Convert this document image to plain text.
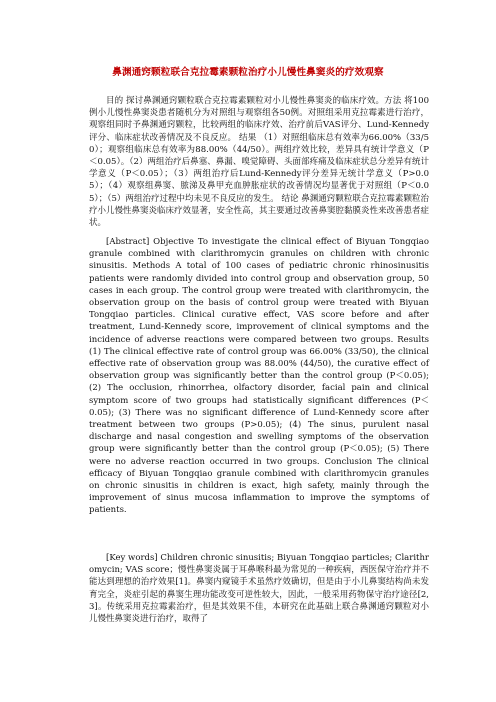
鼻渊通窍颗粒联合克拉霉素颗粒治疗小儿慢性鼻窦炎的疗效观察

目的 探讨鼻渊通窍颗粒联合克拉霉素颗粒对小儿慢性鼻窦炎的临床疗效。方法 将100例小儿慢性鼻窦炎患者随机分为对照组与观察组各50例。对照组采用克拉霉素进行治疗，观察组同时予鼻渊通窍颗粒，比较两组的临床疗效、治疗前后VAS评分、Lund-Kennedy评分、临床症状改善情况及不良反应。 结果 （1）对照组临床总有效率为66.00%（33/50）；观察组临床总有效率为88.00%（44/50）。两组疗效比较，差异具有统计学意义（P＜0.05）。（2）两组治疗后鼻塞、鼻漏、嗅觉障碍、头面部疼痛及临床症状总分差异有统计学意义（P＜0.05）；（3）两组治疗后Lund-Kennedy评分差异无统计学意义（P>0.05）；（4）观察组鼻窦、脓涕及鼻甲充血肿胀症状的改善情况均显著优于对照组（P＜0.05）；（5）两组治疗过程中均未见不良反应的发生。 结论 鼻渊通窍颗粒联合克拉霉素颗粒治疗小儿慢性鼻窦炎临床疗效显著，安全性高，其主要通过改善鼻窦腔黏膜炎性来改善患者症状。

[Abstract] Objective To investigate the clinical effect of Biyuan Tongqiao granule combined with clarithromycin granules on children with chronic sinusitis. Methods A total of 100 cases of pediatric chronic rhinosinusitis patients were randomly divided into control group and observation group, 50 cases in each group. The control group were treated with clarithromycin, the observation group on the basis of control group were treated with Biyuan Tongqiao particles. Clinical curative effect, VAS score before and after treatment, Lund-Kennedy score, improvement of clinical symptoms and the incidence of adverse reactions were compared between two groups. Results (1) The clinical effective rate of control group was 66.00% (33/50), the clinical effective rate of observation group was 88.00% (44/50), the curative effect of observation group was significantly better than the control group (P＜0.05); (2) The occlusion, rhinorrhea, olfactory disorder, facial pain and clinical symptom score of two groups had statistically significant differences (P＜0.05); (3) There was no significant difference of Lund-Kennedy score after treatment between two groups (P>0.05); (4) The sinus, purulent nasal discharge and nasal congestion and swelling symptoms of the observation group were significantly better than the control group (P＜0.05); (5) There were no adverse reaction occurred in two groups. Conclusion The clinical efficacy of Biyuan Tongqiao granule combined with clarithromycin granules on chronic sinusitis in children is exact, high safety, mainly through the improvement of sinus mucosa inflammation to improve the symptoms of patients.

[Key words] Children chronic sinusitis; Biyuan Tongqiao particles; Clarithromycin; VAS score；慢性鼻窦炎属于耳鼻喉科最为常见的一种疾病，西医保守治疗并不能达到理想的治疗效果[1]。鼻窦内窥镜手术虽然疗效确切，但是由于小儿鼻窦结构尚未发育完全，炎症引起的鼻窦生理功能改变可逆性较大，因此，一般采用药物保守治疗途径[2, 3]。传统采用克拉霉素治疗，但是其效果不佳，本研究在此基础上联合鼻渊通窍颗粒对小儿慢性鼻窦炎进行治疗，取得了
